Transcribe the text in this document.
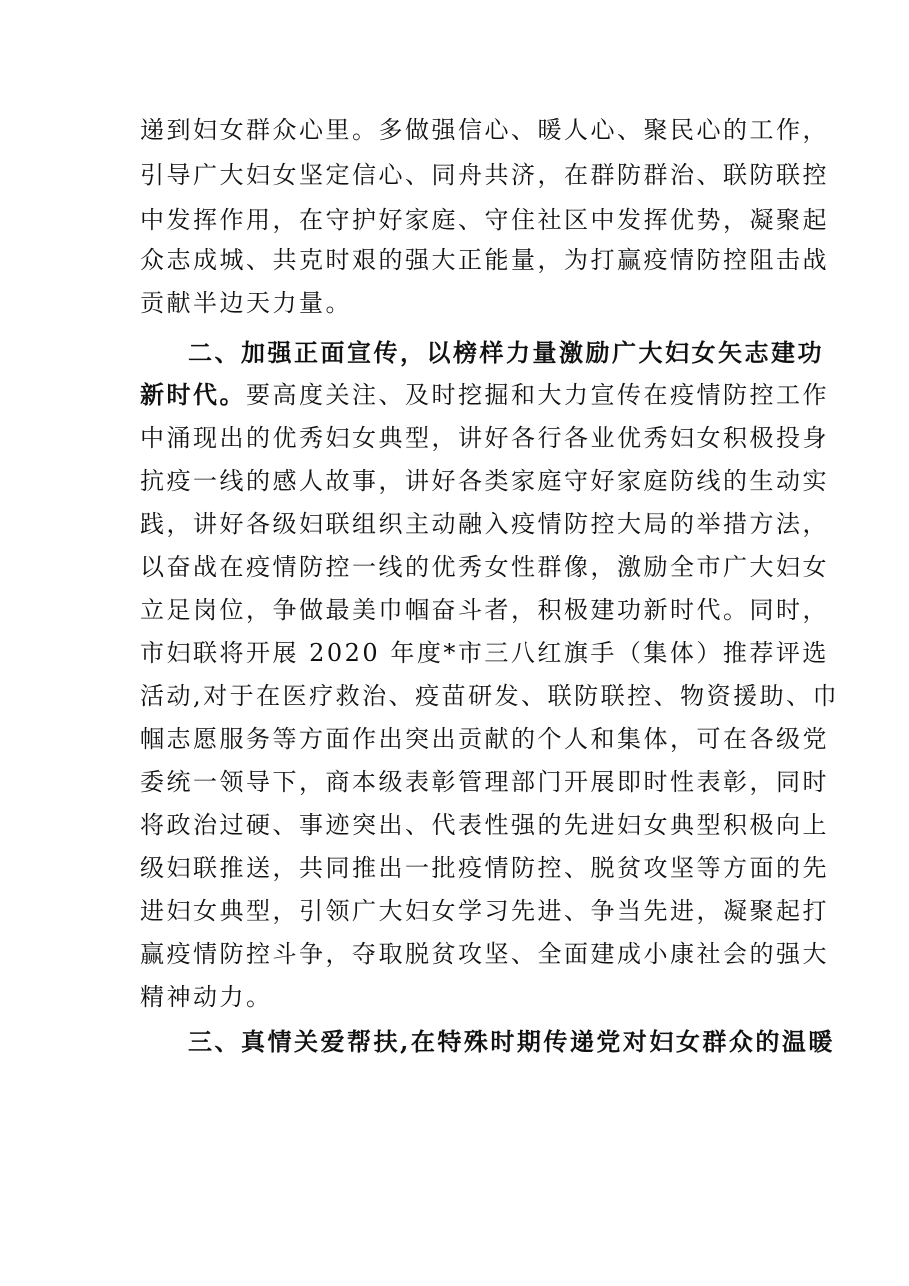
递到妇女群众心里。多做强信心、暖人心、聚民心的工作，
引导广大妇女坚定信心、同舟共济，在群防群治、联防联控
中发挥作用，在守护好家庭、守住社区中发挥优势，凝聚起
众志成城、共克时艰的强大正能量，为打赢疫情防控阻击战
贡献半边天力量。
二、加强正面宣传，以榜样力量激励广大妇女矢志建功
新时代。要高度关注、及时挖掘和大力宣传在疫情防控工作
中涌现出的优秀妇女典型，讲好各行各业优秀妇女积极投身
抗疫一线的感人故事，讲好各类家庭守好家庭防线的生动实
践，讲好各级妇联组织主动融入疫情防控大局的举措方法，
以奋战在疫情防控一线的优秀女性群像，激励全市广大妇女
立足岗位，争做最美巾帼奋斗者，积极建功新时代。同时，
市妇联将开展 2020 年度*市三八红旗手（集体）推荐评选
活动,对于在医疗救治、疫苗研发、联防联控、物资援助、巾
帼志愿服务等方面作出突出贡献的个人和集体，可在各级党
委统一领导下，商本级表彰管理部门开展即时性表彰，同时
将政治过硬、事迹突出、代表性强的先进妇女典型积极向上
级妇联推送，共同推出一批疫情防控、脱贫攻坚等方面的先
进妇女典型，引领广大妇女学习先进、争当先进，凝聚起打
赢疫情防控斗争，夺取脱贫攻坚、全面建成小康社会的强大
精神动力。
三、真情关爱帮扶,在特殊时期传递党对妇女群众的温暖
